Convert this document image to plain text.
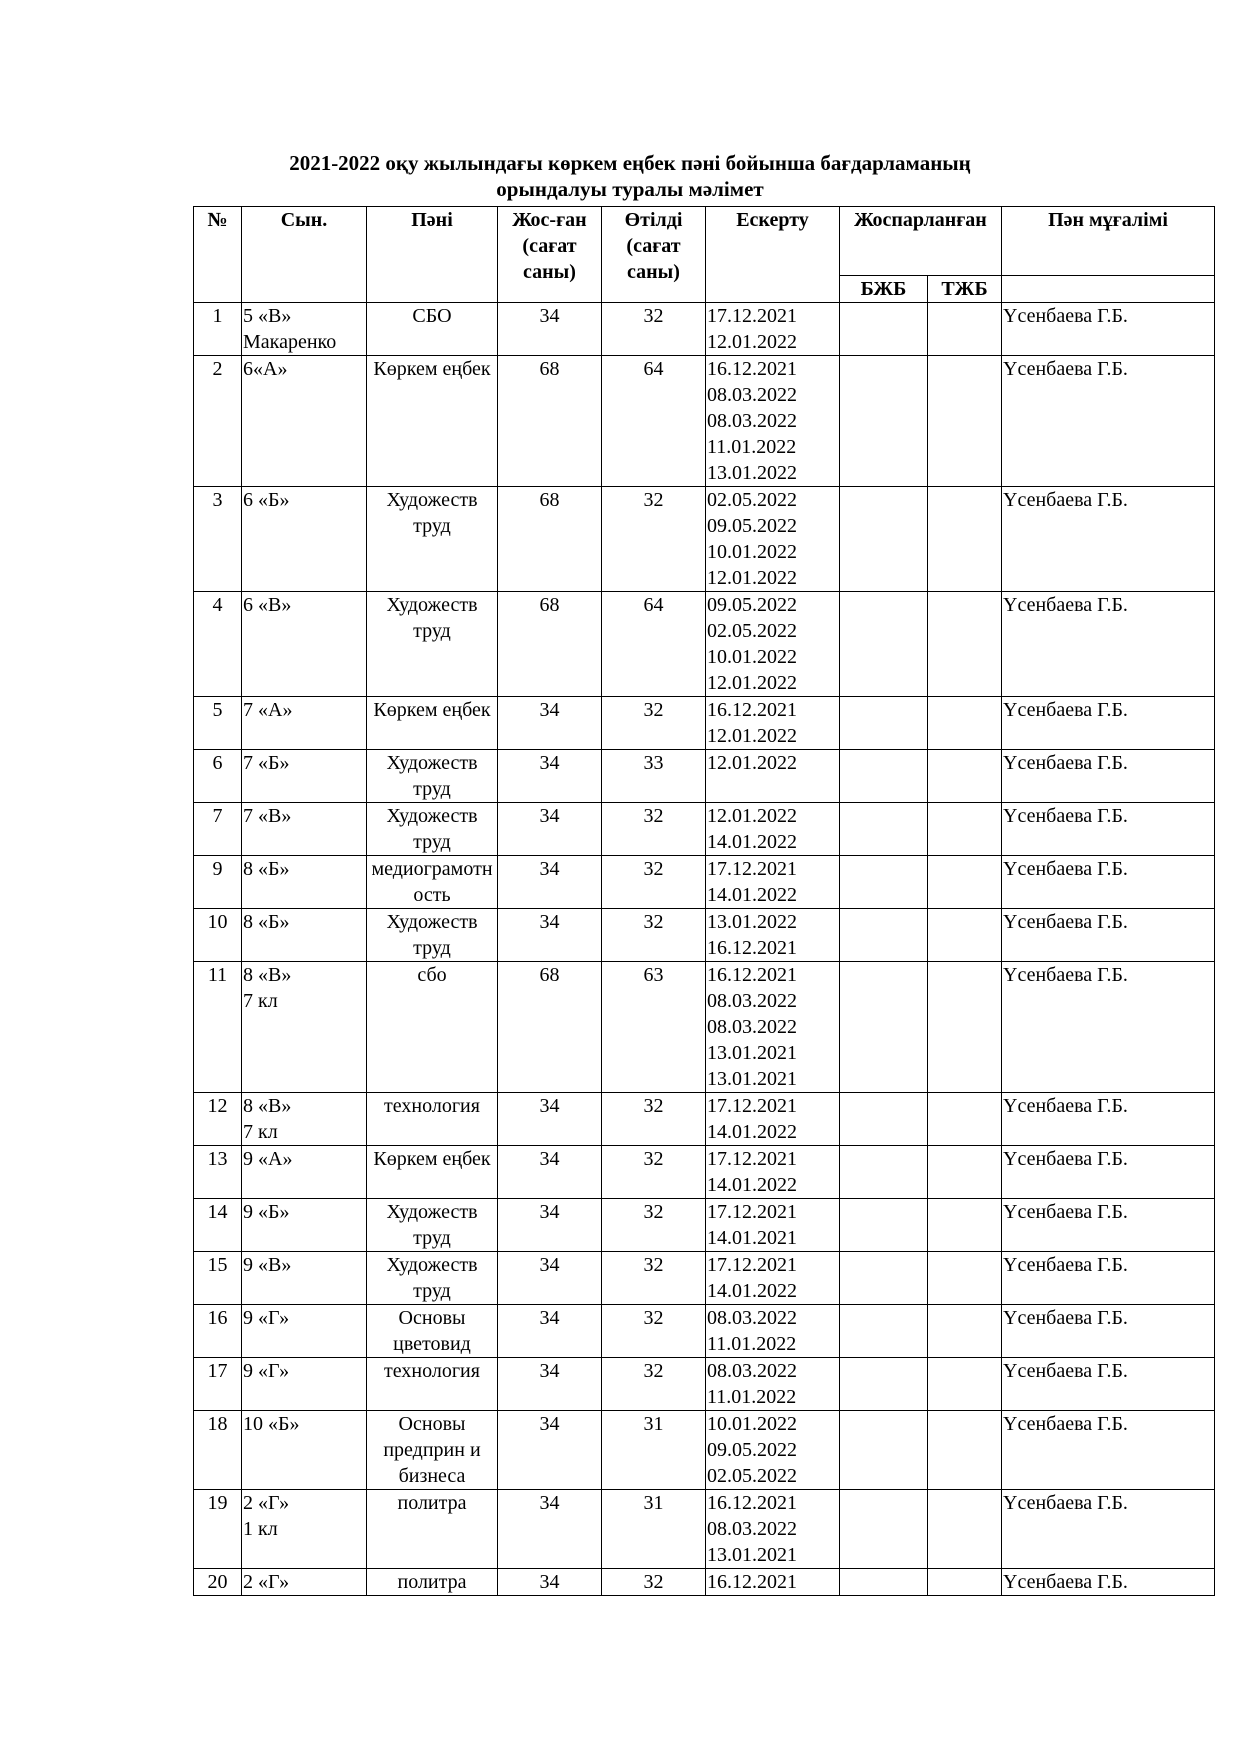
2021-2022 оқу жылындағы көркем еңбек пәні бойынша бағдарламаның
орындалуы туралы мәлімет
№	Сын.	Пәні	Жос-ған
(сағат
саны)	Өтілді
(сағат
саны)	Ескерту	Жоспарланған		Пән мұғалімі
						БЖБ	ТЖБ	
1	5 «В»
Макаренко	СБО	34	32	17.12.2021
12.01.2022			Үсенбаева Г.Б.
2	6«А»	Көркем еңбек	68	64	16.12.2021
08.03.2022
08.03.2022
11.01.2022
13.01.2022			Үсенбаева Г.Б.
3	6 «Б»	Художеств
труд	68	32	02.05.2022
09.05.2022
10.01.2022
12.01.2022			Үсенбаева Г.Б.
4	6 «В»	Художеств
труд	68	64	09.05.2022
02.05.2022
10.01.2022
12.01.2022			Үсенбаева Г.Б.
5	7 «А»	Көркем еңбек	34	32	16.12.2021
12.01.2022			Үсенбаева Г.Б.
6	7 «Б»	Художеств
труд	34	33	12.01.2022			Үсенбаева Г.Б.
7	7 «В»	Художеств
труд	34	32	12.01.2022
14.01.2022			Үсенбаева Г.Б.
9	8 «Б»	медиограмотн
ость	34	32	17.12.2021
14.01.2022			Үсенбаева Г.Б.
10	8 «Б»	Художеств
труд	34	32	13.01.2022
16.12.2021			Үсенбаева Г.Б.
11	8 «В»
7 кл	сбо	68	63	16.12.2021
08.03.2022
08.03.2022
13.01.2021
13.01.2021			Үсенбаева Г.Б.
12	8 «В»
7 кл	технология	34	32	17.12.2021
14.01.2022			Үсенбаева Г.Б.
13	9 «А»	Көркем еңбек	34	32	17.12.2021
14.01.2022			Үсенбаева Г.Б.
14	9 «Б»	Художеств
труд	34	32	17.12.2021
14.01.2021			Үсенбаева Г.Б.
15	9 «В»	Художеств
труд	34	32	17.12.2021
14.01.2022			Үсенбаева Г.Б.
16	9 «Г»	Основы
цветовид	34	32	08.03.2022
11.01.2022			Үсенбаева Г.Б.
17	9 «Г»	технология	34	32	08.03.2022
11.01.2022			Үсенбаева Г.Б.
18	10 «Б»	Основы
предприн и
бизнеса	34	31	10.01.2022
09.05.2022
02.05.2022			Үсенбаева Г.Б.
19	2 «Г»
1 кл	политра	34	31	16.12.2021
08.03.2022
13.01.2021			Үсенбаева Г.Б.
20	2 «Г»	политра	34	32	16.12.2021			Үсенбаева Г.Б.
